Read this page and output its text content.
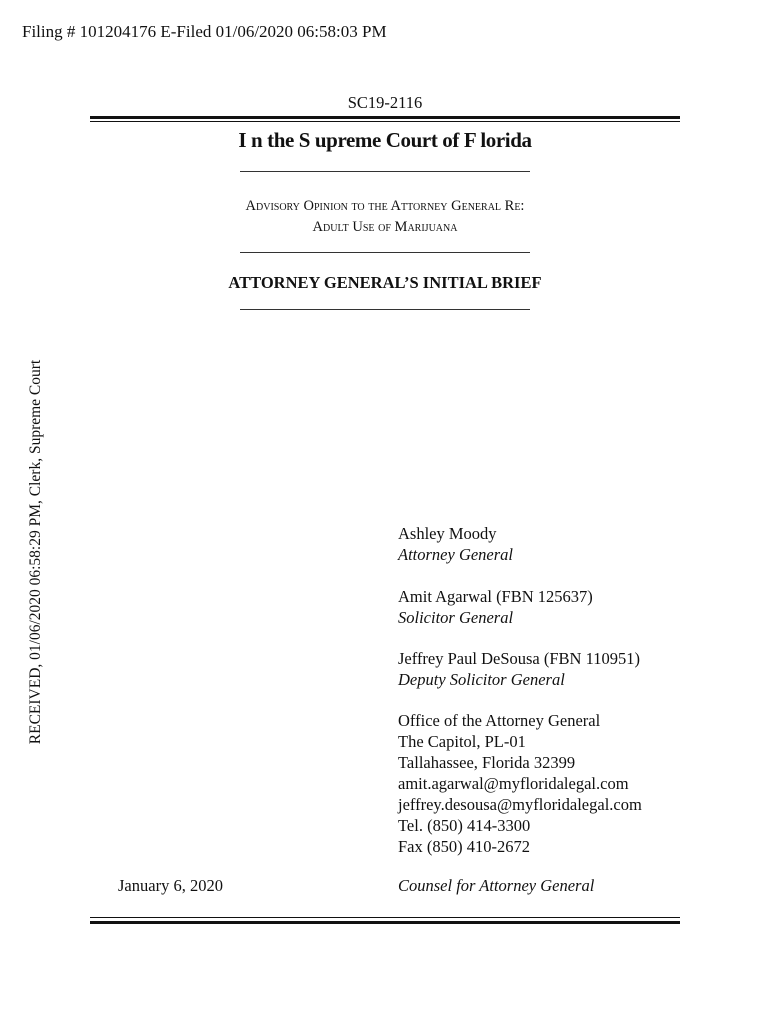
Filing # 101204176 E-Filed 01/06/2020 06:58:03 PM
RECEIVED, 01/06/2020 06:58:29 PM, Clerk, Supreme Court
SC19-2116
I n the S upreme Court of F lorida
Advisory Opinion to the Attorney General Re:
Adult Use of Marijuana
ATTORNEY GENERAL’S INITIAL BRIEF
Ashley Moody
Attorney General
Amit Agarwal (FBN 125637)
Solicitor General
Jeffrey Paul DeSousa (FBN 110951)
Deputy Solicitor General
Office of the Attorney General
The Capitol, PL-01
Tallahassee, Florida 32399
amit.agarwal@myfloridalegal.com
jeffrey.desousa@myfloridalegal.com
Tel. (850) 414-3300
Fax (850) 410-2672
January 6, 2020	Counsel for Attorney General
